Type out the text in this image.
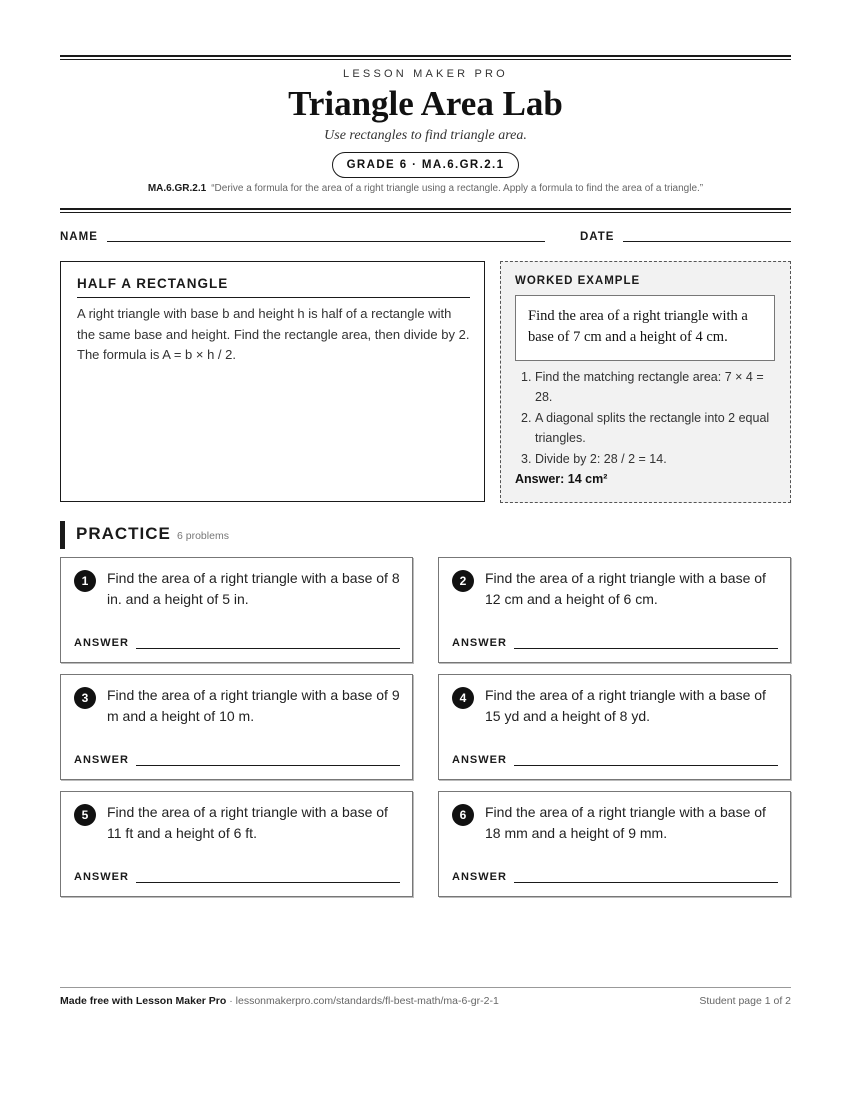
LESSON MAKER PRO
Triangle Area Lab
Use rectangles to find triangle area.
GRADE 6 · MA.6.GR.2.1
MA.6.GR.2.1 “Derive a formula for the area of a right triangle using a rectangle. Apply a formula to find the area of a triangle.”
NAME	DATE
HALF A RECTANGLE
A right triangle with base b and height h is half of a rectangle with the same base and height. Find the rectangle area, then divide by 2. The formula is A = b × h / 2.
WORKED EXAMPLE
Find the area of a right triangle with a base of 7 cm and a height of 4 cm.
1. Find the matching rectangle area: 7 × 4 = 28.
2. A diagonal splits the rectangle into 2 equal triangles.
3. Divide by 2: 28 / 2 = 14.
Answer: 14 cm²
PRACTICE 6 problems
1	Find the area of a right triangle with a base of 8 in. and a height of 5 in.
ANSWER
2	Find the area of a right triangle with a base of 12 cm and a height of 6 cm.
ANSWER
3	Find the area of a right triangle with a base of 9 m and a height of 10 m.
ANSWER
4	Find the area of a right triangle with a base of 15 yd and a height of 8 yd.
ANSWER
5	Find the area of a right triangle with a base of 11 ft and a height of 6 ft.
ANSWER
6	Find the area of a right triangle with a base of 18 mm and a height of 9 mm.
ANSWER
Made free with Lesson Maker Pro · lessonmakerpro.com/standards/fl-best-math/ma-6-gr-2-1	Student page 1 of 2
